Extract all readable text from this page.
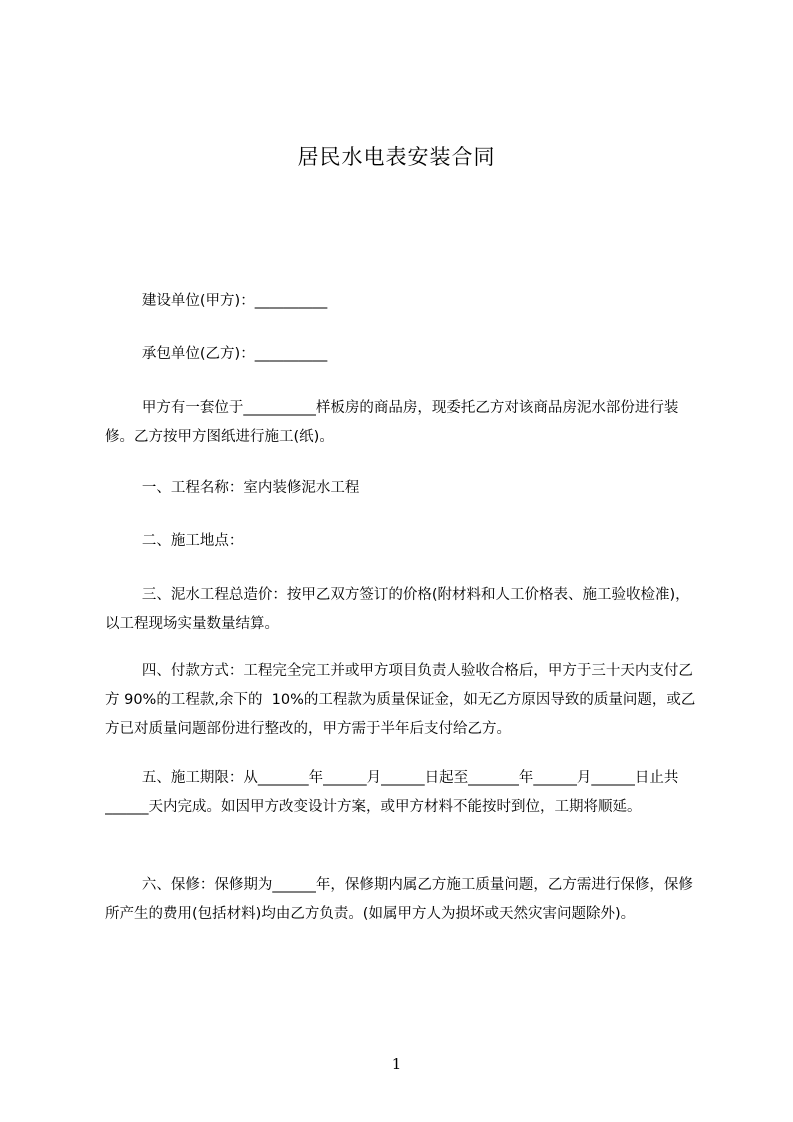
居民水电表安装合同
建设单位(甲方)：__________
承包单位(乙方)：__________
甲方有一套位于__________样板房的商品房，现委托乙方对该商品房泥水部份进行装修。乙方按甲方图纸进行施工(纸)。
一、工程名称：室内装修泥水工程
二、施工地点：
三、泥水工程总造价：按甲乙双方签订的价格(附材料和人工价格表、施工验收检准)，以工程现场实量数量结算。
四、付款方式：工程完全完工并或甲方项目负责人验收合格后，甲方于三十天内支付乙方 90%的工程款,余下的  10%的工程款为质量保证金，如无乙方原因导致的质量问题，或乙方已对质量问题部份进行整改的，甲方需于半年后支付给乙方。
五、施工期限：从_______年______月______日起至_______年______月______日止共______天内完成。如因甲方改变设计方案，或甲方材料不能按时到位，工期将顺延。
六、保修：保修期为______年，保修期内属乙方施工质量问题，乙方需进行保修，保修所产生的费用(包括材料)均由乙方负责。(如属甲方人为损坏或天然灾害问题除外)。
1
